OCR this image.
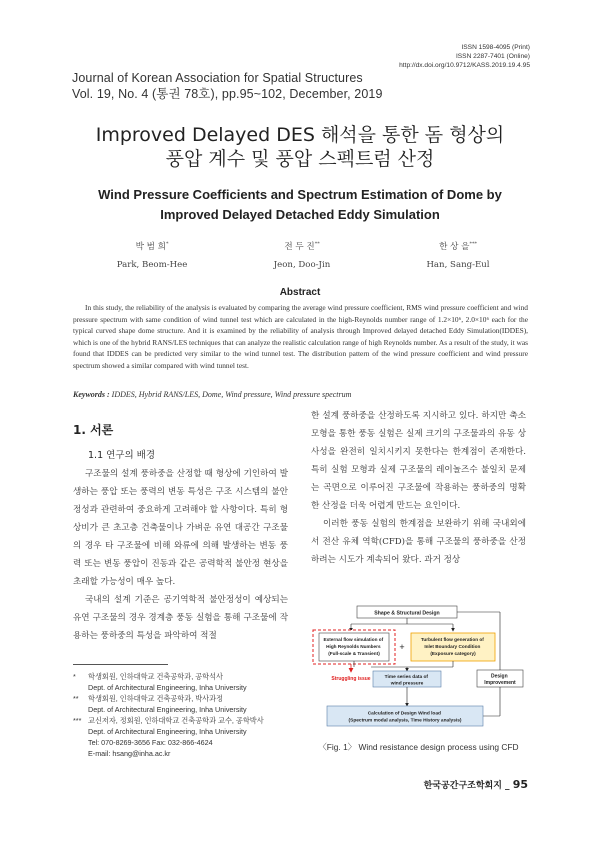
ISSN 1598-4095 (Print)
ISSN 2287-7401 (Online)
http://dx.doi.org/10.9712/KASS.2019.19.4.95
Journal of Korean Association for Spatial Structures
Vol. 19, No. 4 (통권 78호), pp.95~102, December, 2019
Improved Delayed DES 해석을 통한 돔 형상의
풍압 계수 및 풍압 스펙트럼 산정
Wind Pressure Coefficients and Spectrum Estimation of Dome by
Improved Delayed Detached Eddy Simulation
박 범 희*
Park, Beom-Hee
전 두 진**
Jeon, Doo-Jin
한 상 을***
Han, Sang-Eul
Abstract

In this study, the reliability of the analysis is evaluated by comparing the average wind pressure coefficient, RMS wind pressure coefficient and wind pressure spectrum with same condition of wind tunnel test which are calculated in the high-Reynolds number range of 1.2×10⁶, 2.0×10⁶ each for the typical curved shape dome structure. And it is examined by the reliability of analysis through Improved delayed detached Eddy Simulation(IDDES), which is one of the hybrid RANS/LES techniques that can analyze the realistic calculation range of high Reynolds number. As a result of the study, it was found that IDDES can be predicted very similar to the wind tunnel test. The distribution pattern of the wind pressure coefficient and wind pressure spectrum showed a similar compared with wind tunnel test.

Keywords : IDDES, Hybrid RANS/LES, Dome, Wind pressure, Wind pressure spectrum
1. 서론
1.1 연구의 배경

구조물의 설계 풍하중을 산정할 때 형상에 기인하여 발생하는 풍압 또는 풍력의 변동 특성은 구조 시스템의 불안정성과 관련하여 중요하게 고려해야 할 사항이다. 특히 형상비가 큰 초고층 건축물이나 가벼운 유연 대공간 구조물의 경우 타 구조물에 비해 와류에 의해 발생하는 변동 풍력 또는 변동 풍압이 진동과 같은 공력학적 불안정 현상을 초래할 가능성이 매우 높다.

국내의 설계 기준은 공기역학적 불안정성이 예상되는 유연 구조물의 경우 경계층 풍동 실험을 통해 구조물에 작용하는 풍하중의 특성을 파악하여 적절

한 설계 풍하중을 산정하도록 지시하고 있다. 하지만 축소 모형을 통한 풍동 실험은 실제 크기의 구조물과의 유동 상사성을 완전히 일치시키지 못한다는 한계점이 존재한다. 특히 실험 모형과 실제 구조물의 레이놀즈수 불일치 문제는 곡면으로 이루어진 구조물에 작용하는 풍하중의 명확한 산정을 더욱 어렵게 만드는 요인이다.

이러한 풍동 실험의 한계점을 보완하기 위해 국내외에서 전산 유체 역학(CFD)을 통해 구조물의 풍하중을 산정하려는 시도가 계속되어 왔다. 과거 정상

*	학생회원, 인하대학교 건축공학과, 공학석사
Dept. of Architectural Engineering, Inha University
**	학생회원, 인하대학교 건축공학과, 박사과정
Dept. of Architectural Engineering, Inha University
*** 교신저자, 정회원, 인하대학교 건축공학과 교수, 공학박사
Dept. of Architectural Engineering, Inha University
Tel: 070-8269-3656 Fax: 032-866-4624
E-mail: hsang@inha.ac.kr
Shape & Structural Design
External flow simulation of High Reynolds Numbers (Full-scale & Transient)
+
Turbulent flow generation of Inlet Boundary Condition (Exposure category)
Struggling issue	Time series data of wind pressure
Design Improvement
Calculation of Design Wind load (Spectrum modal analysis, Time History analysis)
〈Fig. 1〉 Wind resistance design process using CFD
한국공간구조학회지 _ 95
